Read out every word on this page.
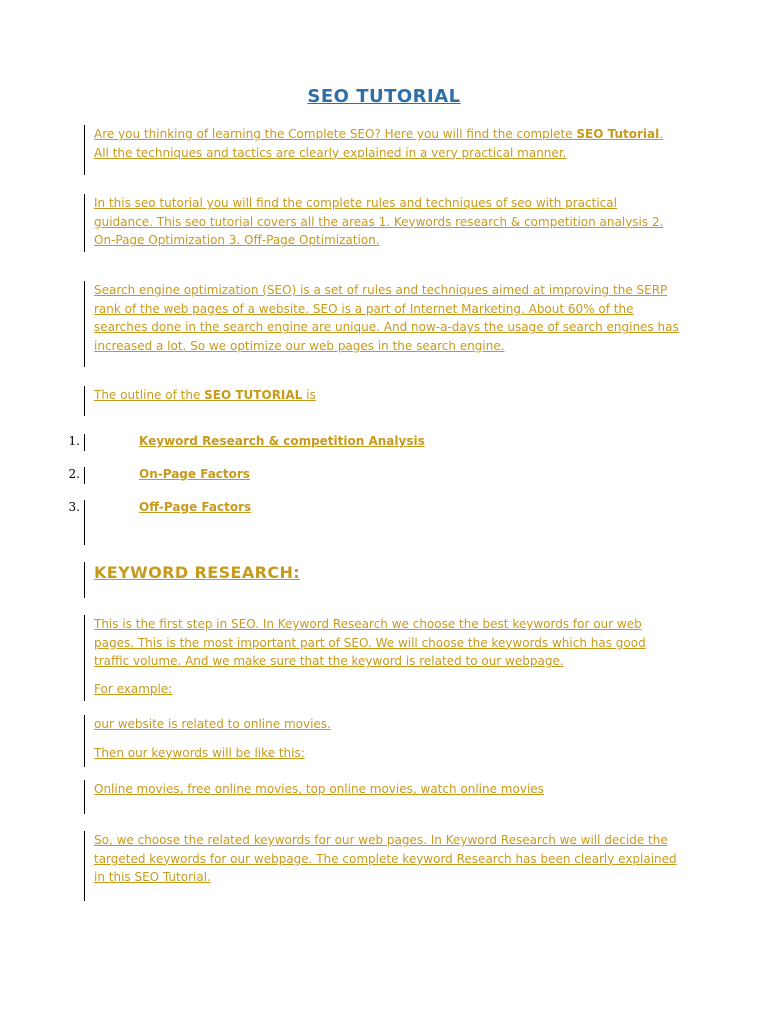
SEO TUTORIAL

Are you thinking of learning the Complete SEO? Here you will find the complete SEO Tutorial. All the techniques and tactics are clearly explained in a very practical manner.

In this seo tutorial you will find the complete rules and techniques of seo with practical guidance. This seo tutorial covers all the areas 1. Keywords research & competition analysis 2. On-Page Optimization 3. Off-Page Optimization.

Search engine optimization (SEO) is a set of rules and techniques aimed at improving the SERP rank of the web pages of a website. SEO is a part of Internet Marketing. About 60% of the searches done in the search engine are unique. And now-a-days the usage of search engines has increased a lot. So we optimize our web pages in the search engine.

The outline of the SEO TUTORIAL is

1.	Keyword Research & competition Analysis
2.	On-Page Factors
3.	Off-Page Factors
KEYWORD RESEARCH:

This is the first step in SEO. In Keyword Research we choose the best keywords for our web pages. This is the most important part of SEO. We will choose the keywords which has good traffic volume. And we make sure that the keyword is related to our webpage.

For example:

our website is related to online movies.

Then our keywords will be like this:

Online movies, free online movies, top online movies, watch online movies

So, we choose the related keywords for our web pages. In Keyword Research we will decide the targeted keywords for our webpage. The complete keyword Research has been clearly explained in this SEO Tutorial.
